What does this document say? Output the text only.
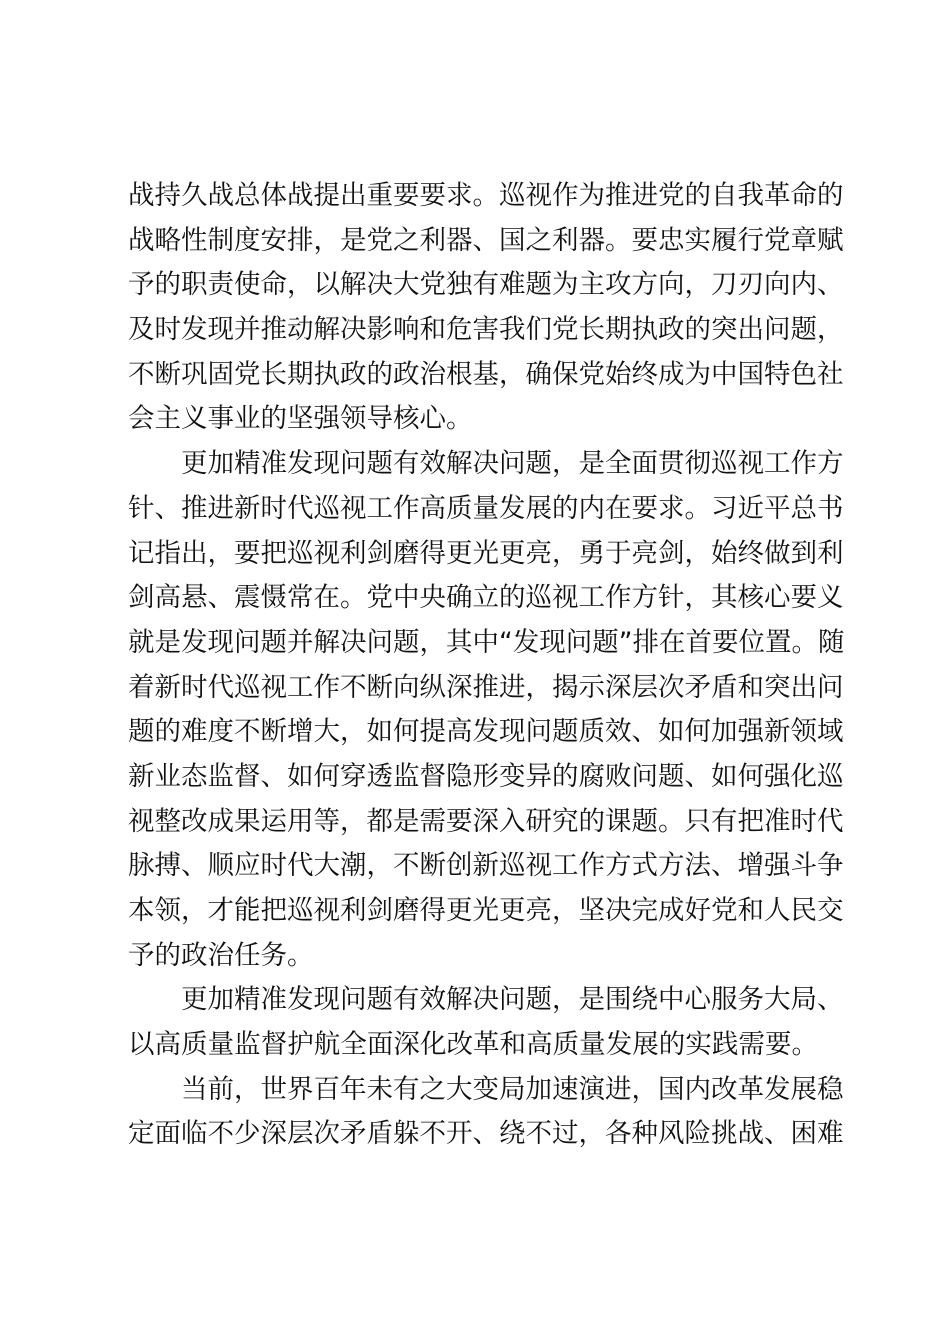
战持久战总体战提出重要要求。巡视作为推进党的自我革命的
战略性制度安排，是党之利器、国之利器。要忠实履行党章赋
予的职责使命，以解决大党独有难题为主攻方向，刀刃向内、
及时发现并推动解决影响和危害我们党长期执政的突出问题，
不断巩固党长期执政的政治根基，确保党始终成为中国特色社
会主义事业的坚强领导核心。
更加精准发现问题有效解决问题，是全面贯彻巡视工作方
针、推进新时代巡视工作高质量发展的内在要求。习近平总书
记指出，要把巡视利剑磨得更光更亮，勇于亮剑，始终做到利
剑高悬、震慑常在。党中央确立的巡视工作方针，其核心要义
就是发现问题并解决问题，其中“发现问题”排在首要位置。随
着新时代巡视工作不断向纵深推进，揭示深层次矛盾和突出问
题的难度不断增大，如何提高发现问题质效、如何加强新领域
新业态监督、如何穿透监督隐形变异的腐败问题、如何强化巡
视整改成果运用等，都是需要深入研究的课题。只有把准时代
脉搏、顺应时代大潮，不断创新巡视工作方式方法、增强斗争
本领，才能把巡视利剑磨得更光更亮，坚决完成好党和人民交
予的政治任务。
更加精准发现问题有效解决问题，是围绕中心服务大局、
以高质量监督护航全面深化改革和高质量发展的实践需要。
当前，世界百年未有之大变局加速演进，国内改革发展稳
定面临不少深层次矛盾躲不开、绕不过，各种风险挑战、困难
